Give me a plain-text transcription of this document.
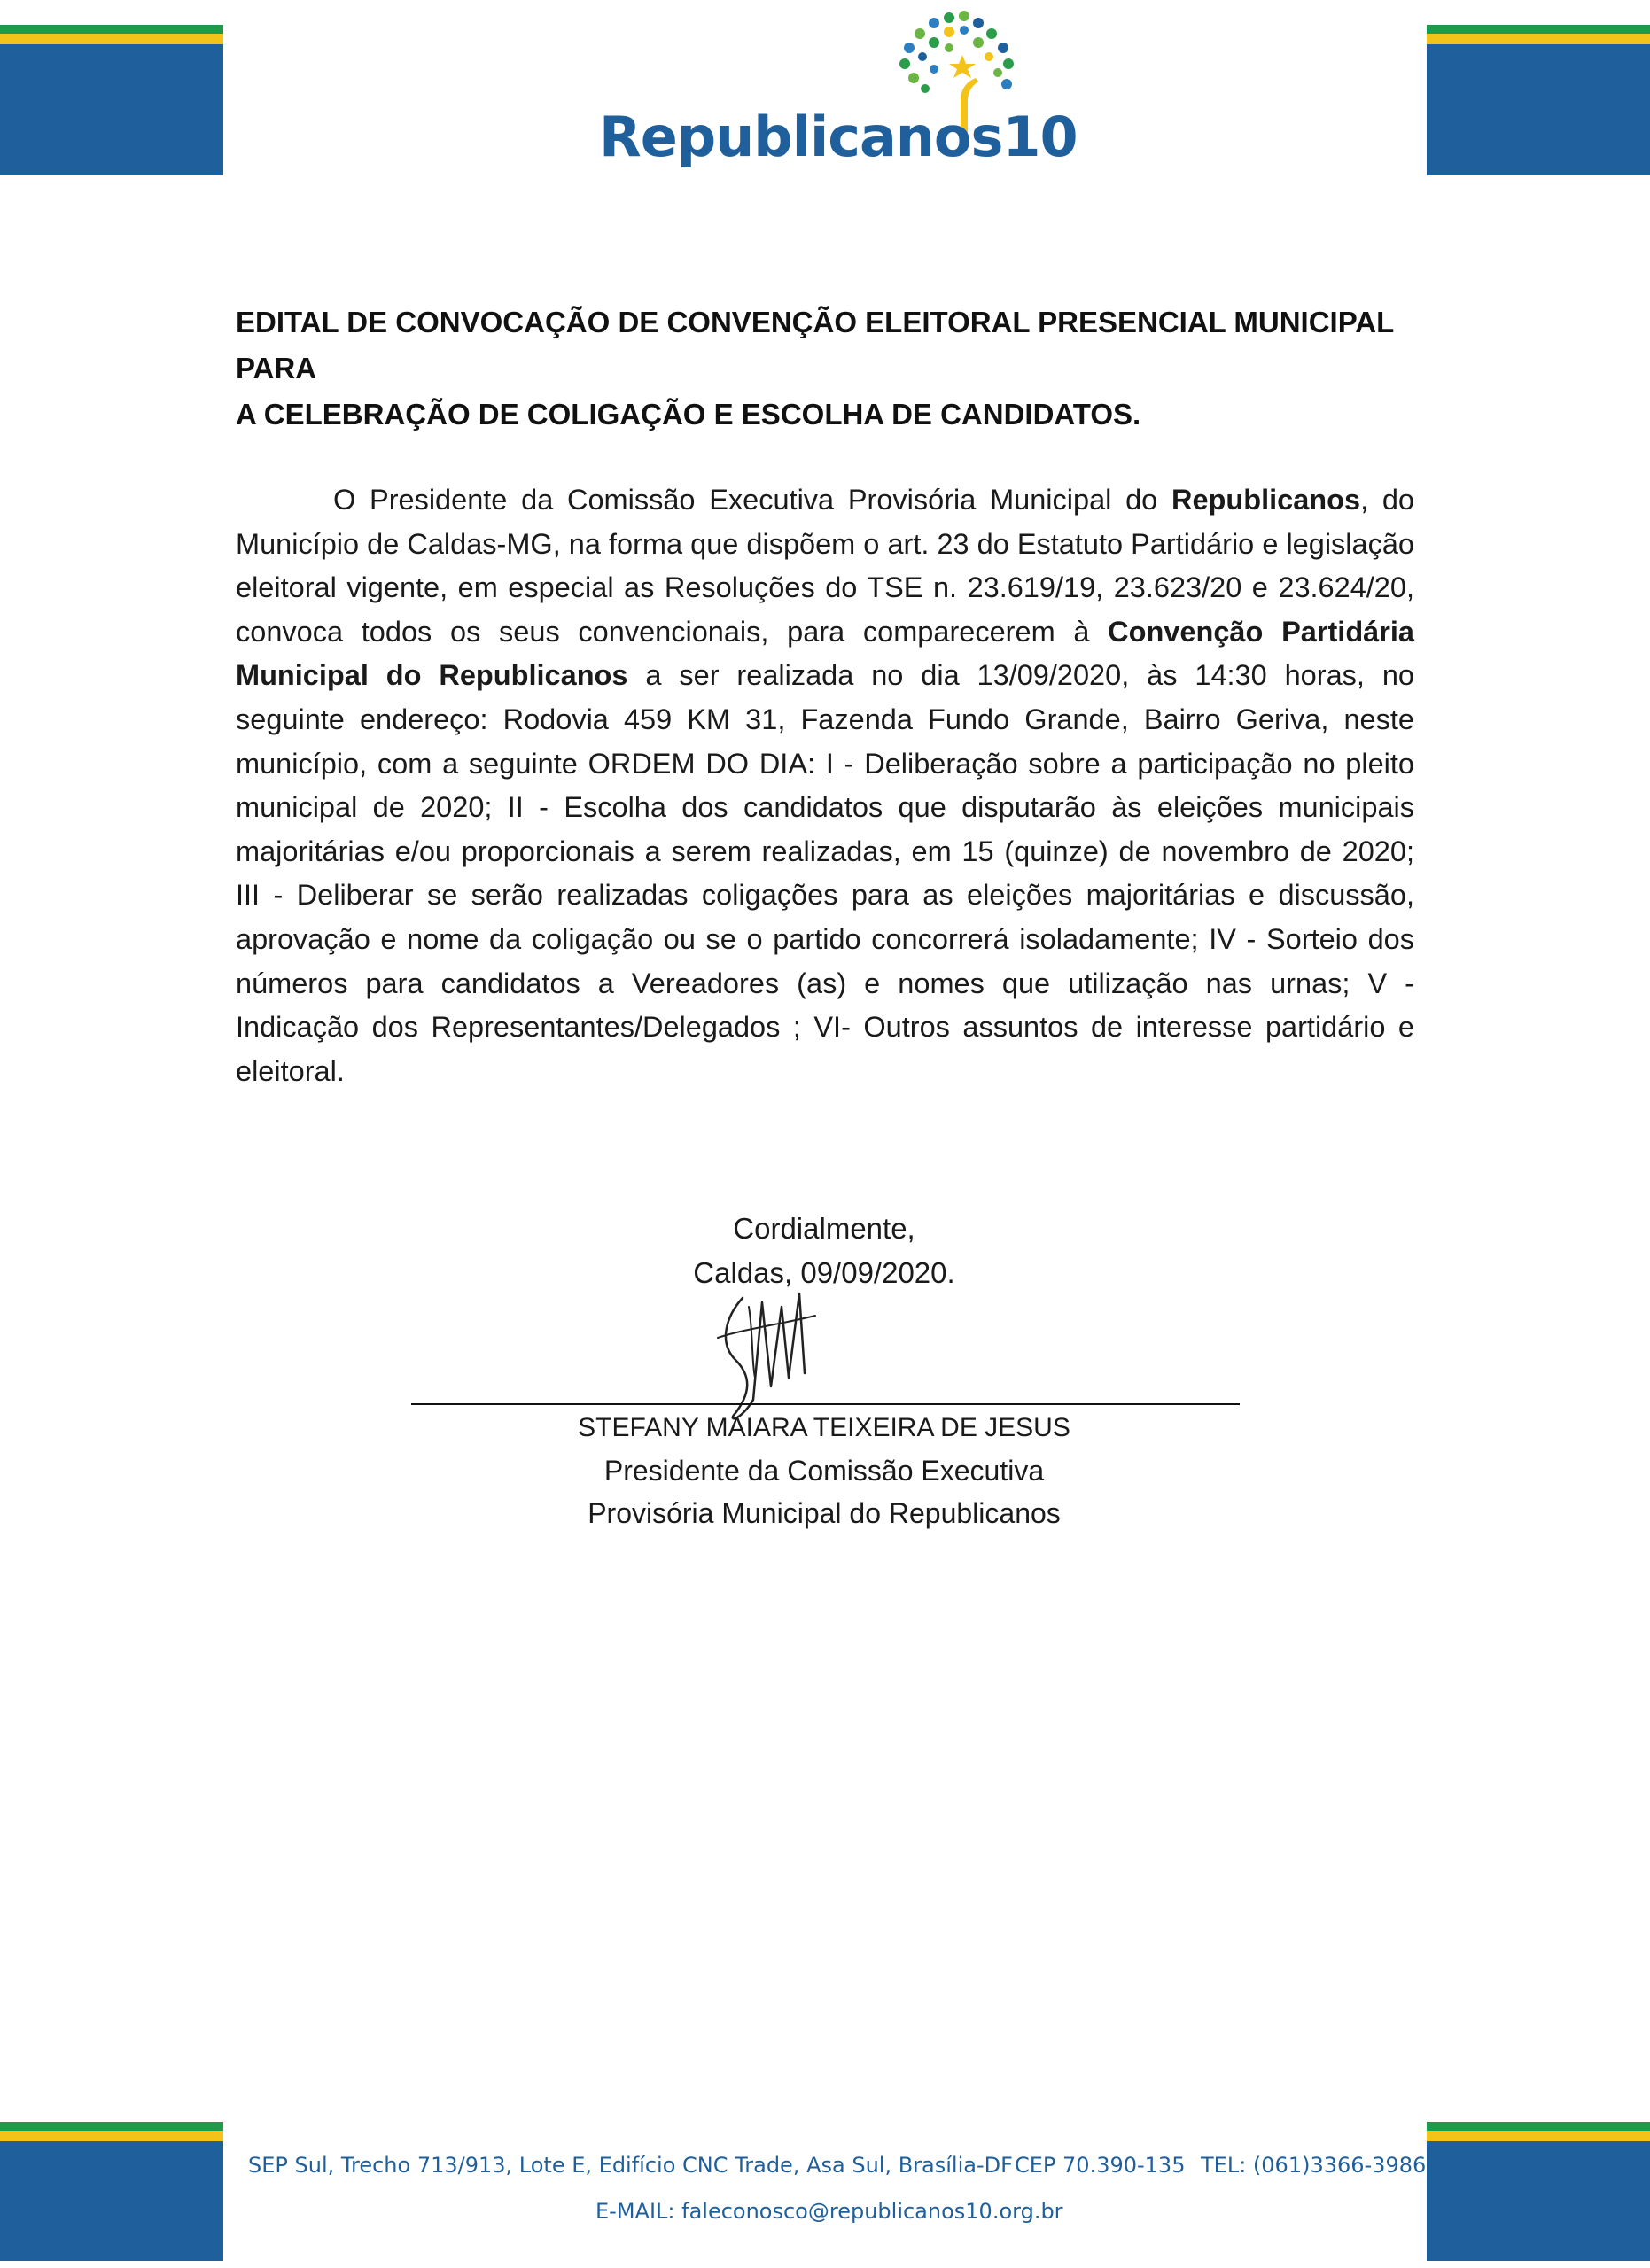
Republicanos10
EDITAL DE CONVOCAÇÃO DE CONVENÇÃO ELEITORAL PRESENCIAL MUNICIPAL PARA
A CELEBRAÇÃO DE COLIGAÇÃO E ESCOLHA DE CANDIDATOS.
O Presidente da Comissão Executiva Provisória Municipal do Republicanos, do Município de Caldas-MG, na forma que dispõem o art. 23 do Estatuto Partidário e legislação eleitoral vigente, em especial as Resoluções do TSE n. 23.619/19, 23.623/20 e 23.624/20, convoca todos os seus convencionais, para comparecerem à Convenção Partidária Municipal do Republicanos a ser realizada no dia 13/09/2020, às 14:30 horas, no seguinte endereço: Rodovia 459 KM 31, Fazenda Fundo Grande, Bairro Geriva, neste município, com a seguinte ORDEM DO DIA: I - Deliberação sobre a participação no pleito municipal de 2020; II - Escolha dos candidatos que disputarão às eleições municipais majoritárias e/ou proporcionais a serem realizadas, em 15 (quinze) de novembro de 2020; III - Deliberar se serão realizadas coligações para as eleições majoritárias e discussão, aprovação e nome da coligação ou se o partido concorrerá isoladamente; IV - Sorteio dos números para candidatos a Vereadores (as) e nomes que utilização nas urnas; V - Indicação dos Representantes/Delegados ; VI- Outros assuntos de interesse partidário e eleitoral.
Cordialmente,
Caldas, 09/09/2020.
STEFANY MAIARA TEIXEIRA DE JESUS
Presidente da Comissão Executiva
Provisória Municipal do Republicanos
SEP Sul, Trecho 713/913, Lote E, Edifício CNC Trade, Asa Sul, Brasília-DF CEP 70.390-135 TEL: (061)3366-3986
E-MAIL: faleconosco@republicanos10.org.br
